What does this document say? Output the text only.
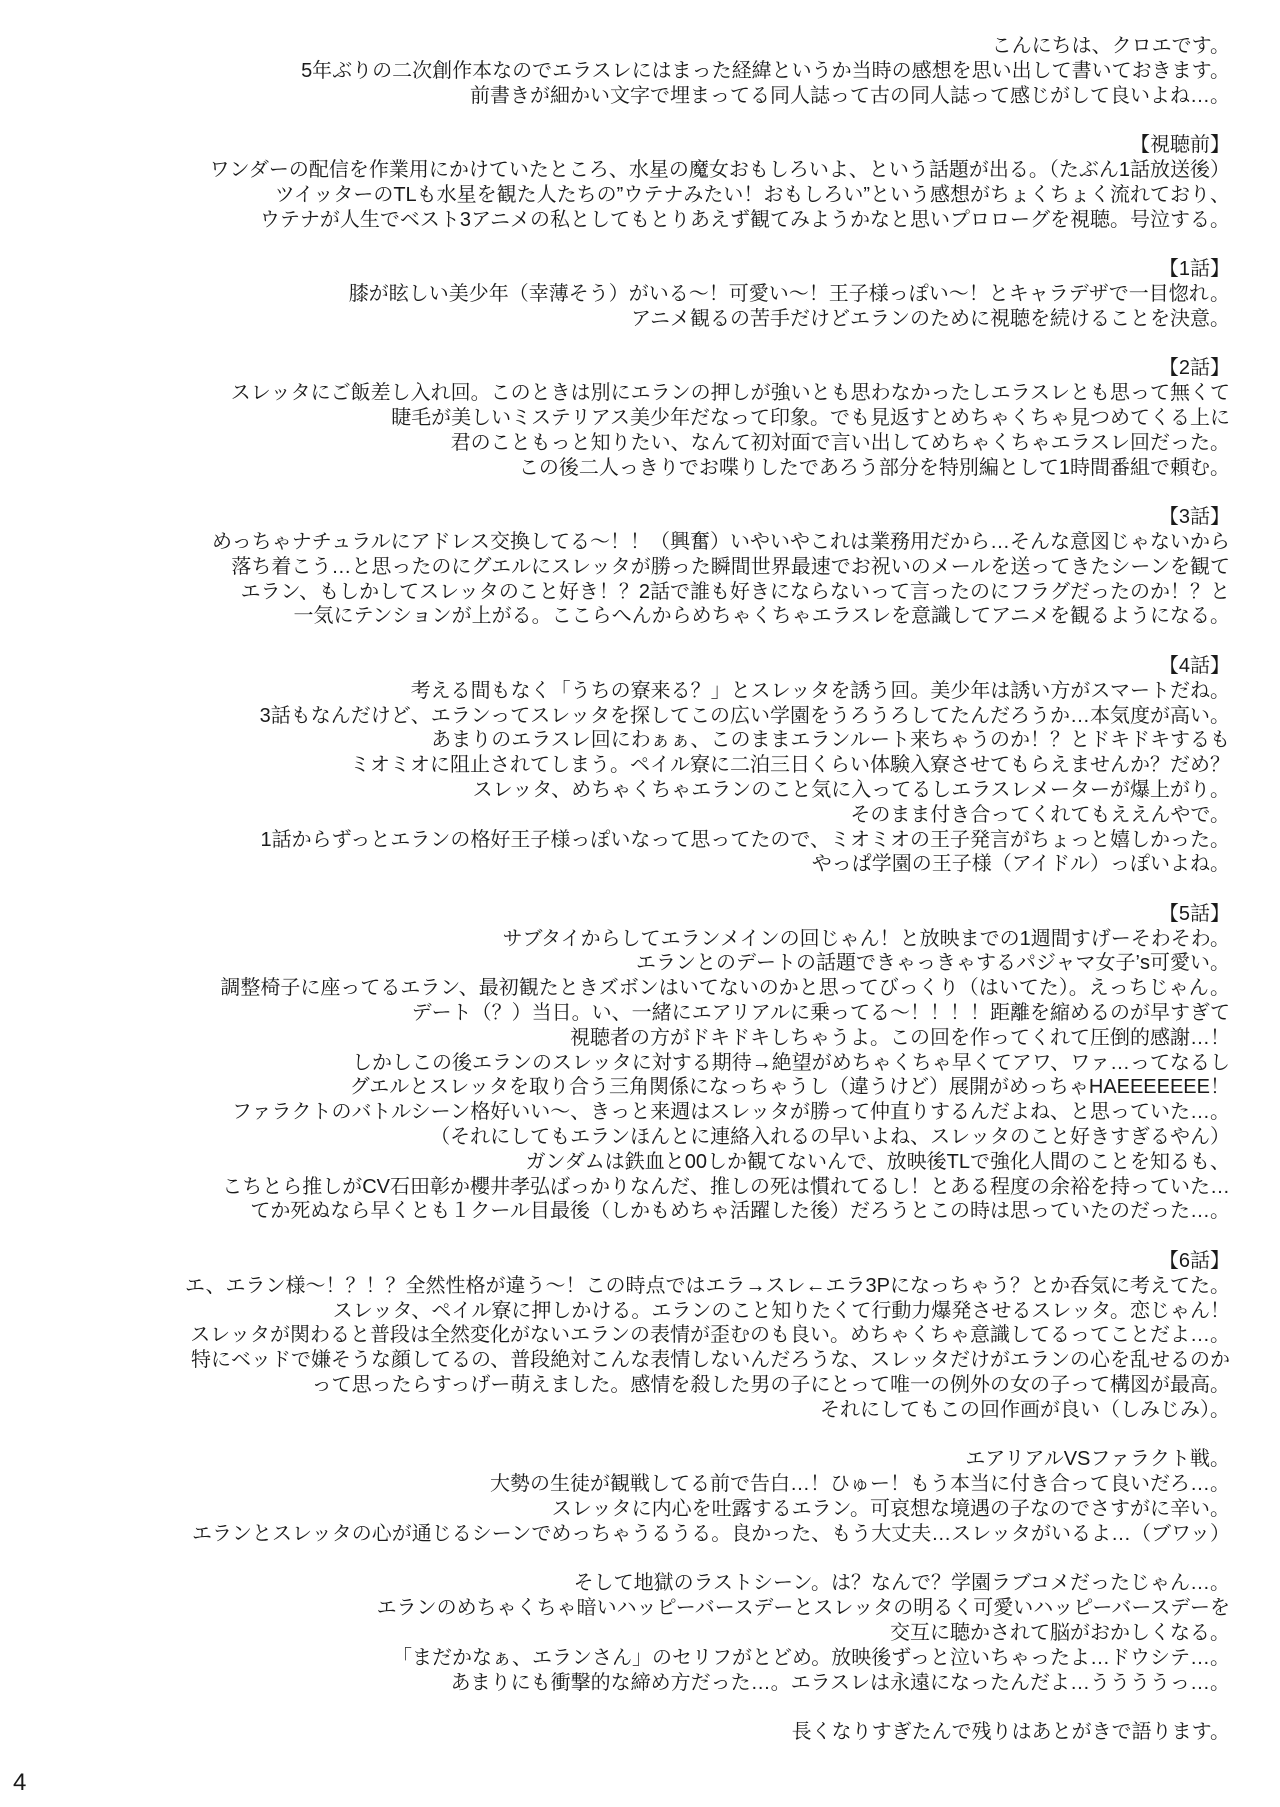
こんにちは、クロエです。
5年ぶりの二次創作本なのでエラスレにはまった経緯というか当時の感想を思い出して書いておきます。
前書きが細かい文字で埋まってる同人誌って古の同人誌って感じがして良いよね…。
【視聴前】
ワンダーの配信を作業用にかけていたところ、水星の魔女おもしろいよ、という話題が出る。（たぶん1話放送後）
ツイッターのTLも水星を観た人たちの”ウテナみたい！おもしろい”という感想がちょくちょく流れており、
ウテナが人生でベスト3アニメの私としてもとりあえず観てみようかなと思いプロローグを視聴。号泣する。
【1話】
膝が眩しい美少年（幸薄そう）がいる～！可愛い～！王子様っぽい～！とキャラデザで一目惚れ。
アニメ観るの苦手だけどエランのために視聴を続けることを決意。
【2話】
スレッタにご飯差し入れ回。このときは別にエランの押しが強いとも思わなかったしエラスレとも思って無くて
睫毛が美しいミステリアス美少年だなって印象。でも見返すとめちゃくちゃ見つめてくる上に
君のこともっと知りたい、なんて初対面で言い出してめちゃくちゃエラスレ回だった。
この後二人っきりでお喋りしたであろう部分を特別編として1時間番組で頼む。
【3話】
めっちゃナチュラルにアドレス交換してる～！！（興奮）いやいやこれは業務用だから…そんな意図じゃないから
落ち着こう…と思ったのにグエルにスレッタが勝った瞬間世界最速でお祝いのメールを送ってきたシーンを観て
エラン、もしかしてスレッタのこと好き！？2話で誰も好きにならないって言ったのにフラグだったのか！？と
一気にテンションが上がる。ここらへんからめちゃくちゃエラスレを意識してアニメを観るようになる。
【4話】
考える間もなく「うちの寮来る？」とスレッタを誘う回。美少年は誘い方がスマートだね。
3話もなんだけど、エランってスレッタを探してこの広い学園をうろうろしてたんだろうか…本気度が高い。
あまりのエラスレ回にわぁぁ、このままエランルート来ちゃうのか！？とドキドキするも
ミオミオに阻止されてしまう。ペイル寮に二泊三日くらい体験入寮させてもらえませんか？だめ？
スレッタ、めちゃくちゃエランのこと気に入ってるしエラスレメーターが爆上がり。
そのまま付き合ってくれてもええんやで。
1話からずっとエランの格好王子様っぽいなって思ってたので、ミオミオの王子発言がちょっと嬉しかった。
やっぱ学園の王子様（アイドル）っぽいよね。
【5話】
サブタイからしてエランメインの回じゃん！と放映までの1週間すげーそわそわ。
エランとのデートの話題できゃっきゃするパジャマ女子’s可愛い。
調整椅子に座ってるエラン、最初観たときズボンはいてないのかと思ってびっくり（はいてた）。えっちじゃん。
デート（？）当日。い、一緒にエアリアルに乗ってる～！！！！距離を縮めるのが早すぎて
視聴者の方がドキドキしちゃうよ。この回を作ってくれて圧倒的感謝…！
しかしこの後エランのスレッタに対する期待→絶望がめちゃくちゃ早くてアワ、ワァ…ってなるし
グエルとスレッタを取り合う三角関係になっちゃうし（違うけど）展開がめっちゃHAEEEEEEE！
ファラクトのバトルシーン格好いい～、きっと来週はスレッタが勝って仲直りするんだよね、と思っていた…。
（それにしてもエランほんとに連絡入れるの早いよね、スレッタのこと好きすぎるやん）
ガンダムは鉄血と00しか観てないんで、放映後TLで強化人間のことを知るも、
こちとら推しがCV石田彰か櫻井孝弘ばっかりなんだ、推しの死は慣れてるし！とある程度の余裕を持っていた…
てか死ぬなら早くとも１クール目最後（しかもめちゃ活躍した後）だろうとこの時は思っていたのだった…。
【6話】
エ、エラン様～！？！？全然性格が違う～！この時点ではエラ→スレ←エラ3Pになっちゃう？とか呑気に考えてた。
スレッタ、ペイル寮に押しかける。エランのこと知りたくて行動力爆発させるスレッタ。恋じゃん！
スレッタが関わると普段は全然変化がないエランの表情が歪むのも良い。めちゃくちゃ意識してるってことだよ…。
特にベッドで嫌そうな顔してるの、普段絶対こんな表情しないんだろうな、スレッタだけがエランの心を乱せるのか
って思ったらすっげー萌えました。感情を殺した男の子にとって唯一の例外の女の子って構図が最高。
それにしてもこの回作画が良い（しみじみ）。
エアリアルVSファラクト戦。
大勢の生徒が観戦してる前で告白…！ひゅー！もう本当に付き合って良いだろ…。
スレッタに内心を吐露するエラン。可哀想な境遇の子なのでさすがに辛い。
エランとスレッタの心が通じるシーンでめっちゃうるうる。良かった、もう大丈夫…スレッタがいるよ…（ブワッ）
そして地獄のラストシーン。は？なんで？学園ラブコメだったじゃん…。
エランのめちゃくちゃ暗いハッピーバースデーとスレッタの明るく可愛いハッピーバースデーを
交互に聴かされて脳がおかしくなる。
「まだかなぁ、エランさん」のセリフがとどめ。放映後ずっと泣いちゃったよ…ドウシテ…。
あまりにも衝撃的な締め方だった…。エラスレは永遠になったんだよ…ううううっ…。
長くなりすぎたんで残りはあとがきで語ります。
4
